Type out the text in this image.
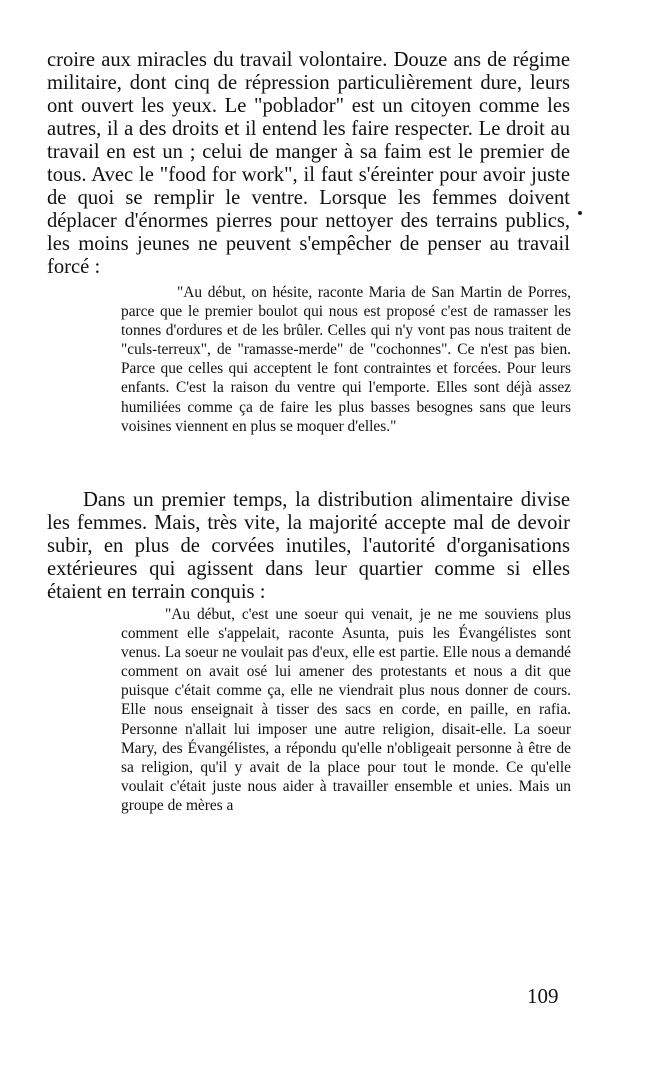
croire aux miracles du travail volontaire. Douze ans de régime militaire, dont cinq de répression particulièrement dure, leurs ont ouvert les yeux. Le "poblador" est un citoyen comme les autres, il a des droits et il entend les faire respecter. Le droit au travail en est un ; celui de manger à sa faim est le premier de tous. Avec le "food for work", il faut s'éreinter pour avoir juste de quoi se remplir le ventre. Lorsque les femmes doivent déplacer d'énormes pierres pour nettoyer des terrains publics, les moins jeunes ne peuvent s'empêcher de penser au travail forcé :

"Au début, on hésite, raconte Maria de San Martin de Porres, parce que le premier boulot qui nous est proposé c'est de ramasser les tonnes d'ordures et de les brûler. Celles qui n'y vont pas nous traitent de "culs-terreux", de "ramasse-merde" de "cochonnes". Ce n'est pas bien. Parce que celles qui acceptent le font contraintes et forcées. Pour leurs enfants. C'est la raison du ventre qui l'emporte. Elles sont déjà assez humiliées comme ça de faire les plus basses besognes sans que leurs voisines viennent en plus se moquer d'elles."

Dans un premier temps, la distribution alimentaire divise les femmes. Mais, très vite, la majorité accepte mal de devoir subir, en plus de corvées inutiles, l'autorité d'organisations extérieures qui agissent dans leur quartier comme si elles étaient en terrain conquis :

"Au début, c'est une soeur qui venait, je ne me souviens plus comment elle s'appelait, raconte Asunta, puis les Évangélistes sont venus. La soeur ne voulait pas d'eux, elle est partie. Elle nous a demandé comment on avait osé lui amener des protestants et nous a dit que puisque c'était comme ça, elle ne viendrait plus nous donner de cours. Elle nous enseignait à tisser des sacs en corde, en paille, en rafia. Personne n'allait lui imposer une autre religion, disait-elle. La soeur Mary, des Évangélistes, a répondu qu'elle n'obligeait personne à être de sa religion, qu'il y avait de la place pour tout le monde. Ce qu'elle voulait c'était juste nous aider à travailler ensemble et unies. Mais un groupe de mères a

109
